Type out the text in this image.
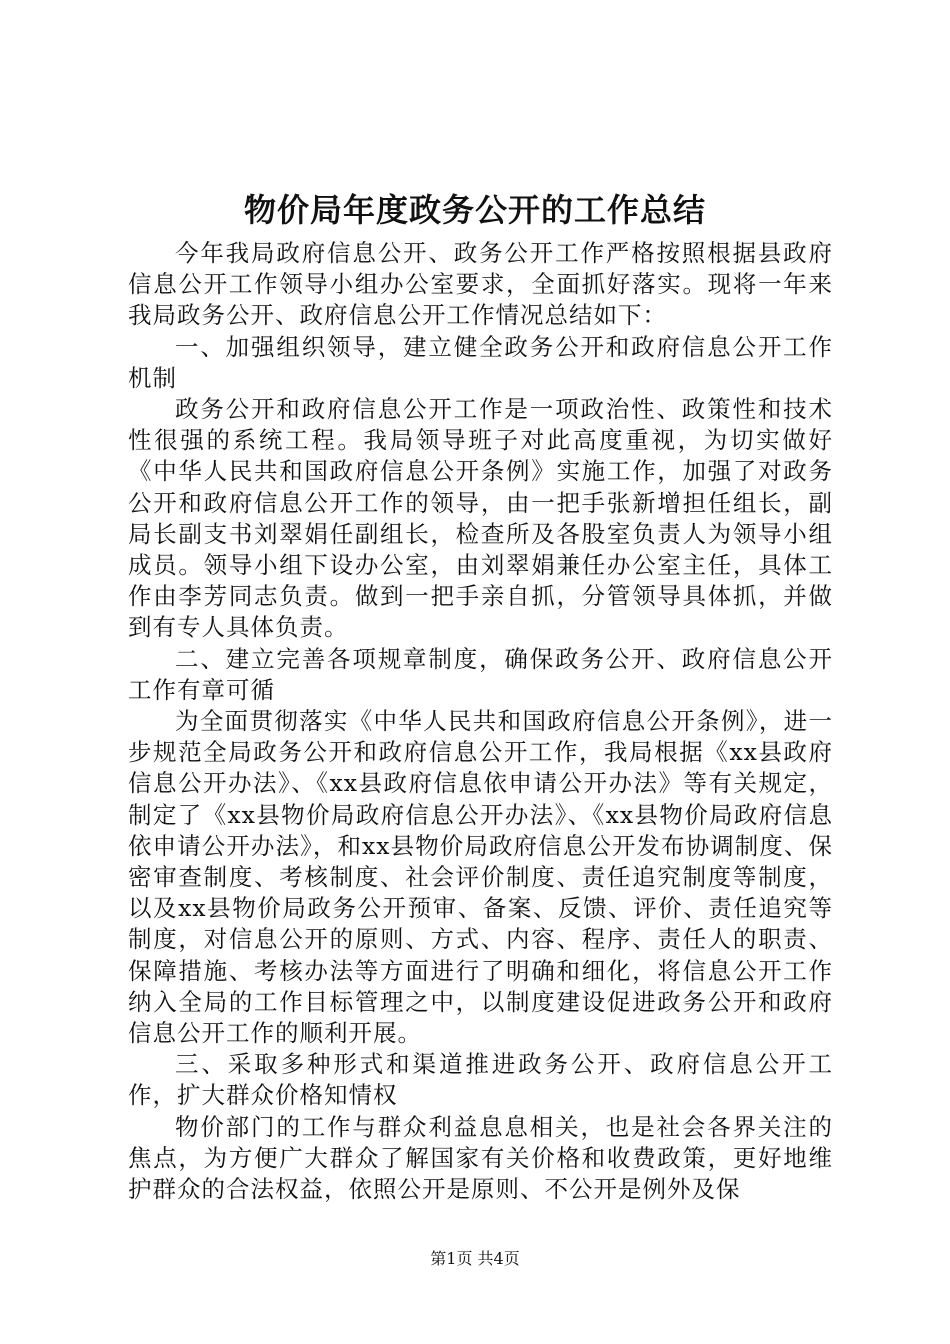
物价局年度政务公开的工作总结

今年我局政府信息公开、政务公开工作严格按照根据县政府信息公开工作领导小组办公室要求，全面抓好落实。现将一年来我局政务公开、政府信息公开工作情况总结如下：

一、加强组织领导，建立健全政务公开和政府信息公开工作机制

政务公开和政府信息公开工作是一项政治性、政策性和技术性很强的系统工程。我局领导班子对此高度重视，为切实做好《中华人民共和国政府信息公开条例》实施工作，加强了对政务公开和政府信息公开工作的领导，由一把手张新增担任组长，副局长副支书刘翠娟任副组长，检查所及各股室负责人为领导小组成员。领导小组下设办公室，由刘翠娟兼任办公室主任，具体工作由李芳同志负责。做到一把手亲自抓，分管领导具体抓，并做到有专人具体负责。

二、建立完善各项规章制度，确保政务公开、政府信息公开工作有章可循

为全面贯彻落实《中华人民共和国政府信息公开条例》，进一步规范全局政务公开和政府信息公开工作，我局根据《xx县政府信息公开办法》、《xx县政府信息依申请公开办法》等有关规定，制定了《xx县物价局政府信息公开办法》、《xx县物价局政府信息依申请公开办法》，和xx县物价局政府信息公开发布协调制度、保密审查制度、考核制度、社会评价制度、责任追究制度等制度，以及xx县物价局政务公开预审、备案、反馈、评价、责任追究等制度，对信息公开的原则、方式、内容、程序、责任人的职责、保障措施、考核办法等方面进行了明确和细化，将信息公开工作纳入全局的工作目标管理之中，以制度建设促进政务公开和政府信息公开工作的顺利开展。

三、采取多种形式和渠道推进政务公开、政府信息公开工作，扩大群众价格知情权

物价部门的工作与群众利益息息相关，也是社会各界关注的焦点，为方便广大群众了解国家有关价格和收费政策，更好地维护群众的合法权益，依照公开是原则、不公开是例外及保

第1页 共4页
